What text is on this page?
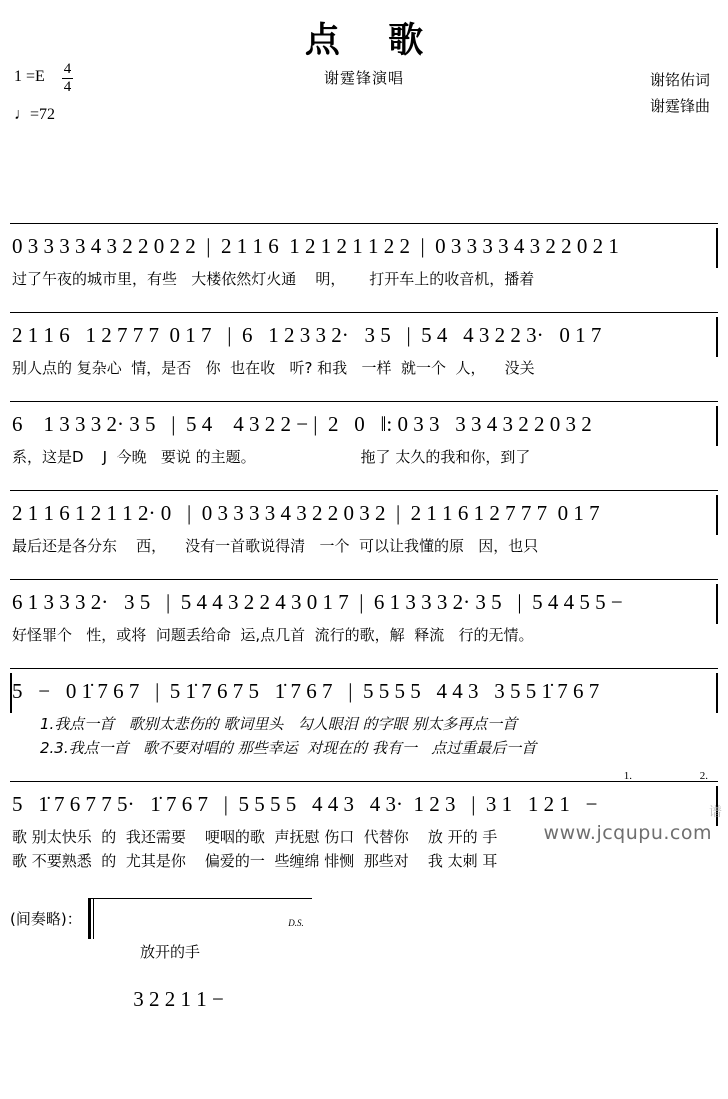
点 歌
谢霆锋演唱	谢铭佑词
谢霆锋曲
$1 =E \frac{4}{4}$
♩=72
0 3 3 3 3 4 3 2 2 0 2 2  |  2 1 1 6  1 2 1 2 1 1 2 2  |  0 3 3 3 3 4 3 2 2 0 2 1
过了午夜的城市里，有些   大楼依然灯火通    明，     打开车上的收音机，播着
2 1 1 6   1 2 7 7 7  0 1 7   |  6   1 2 3 3 2·   3 5   |  5 4   4 3 2 2 3·   0 1 7
别人点的 复杂心  情，是否   你  也在收   听? 和我   一样  就一个  人，    没关
6    1 3 3 3 2· 3 5   |  5 4    4 3 2 2 − |  2   0   ‖: 0 3 3   3 3 4 3 2 2 0 3 2
系，这是D    J  今晚   要说 的主题。                      拖了 太久的我和你，到了
2 1 1 6 1 2 1 1 2· 0   |  0 3 3 3 3 4 3 2 2 0 3 2  |  2 1 1 6 1 2 7 7 7  0 1 7
最后还是各分东    西，    没有一首歌说得清   一个  可以让我懂的原   因，也只
6 1 3 3 3 2·   3 5   |  5 4 4 3 2 2 4 3 0 1 7  |  6 1 3 3 3 2· 3 5   |  5 4 4 5 5 −
好怪罪个   性，或将  问题丢给命  运,点几首  流行的歌，解  释流   行的无情。
5   −   0 1̇ 7 6 7   |  5 1̇ 7 6 7 5   1̇ 7 6 7   |  5 5 5 5   4 4 3   3 5 5 1̇ 7 6 7
1.我点一首   歌别太悲伤的 歌词里头   勾人眼泪 的字眼 别太多再点一首
2.3.我点一首   歌不要对唱的 那些幸运  对现在的 我有一   点过重最后一首
5   1̇ 7 6 7 7 5·   1̇ 7 6 7   |  5 5 5 5   4 4 3   4 3·  1 2 3   |  3 1   1 2 1   −
1.	2.
歌 别太快乐  的  我还需要    哽咽的歌  声抚慰 伤口  代替你    放 开的 手
歌 不要熟悉  的  尤其是你    偏爱的一  些缠绵 悱恻  那些对    我 太刺 耳
(间奏略)：

3 2 2 1 1 −

D.S.

放开的手
谱
www.jcqupu.com
